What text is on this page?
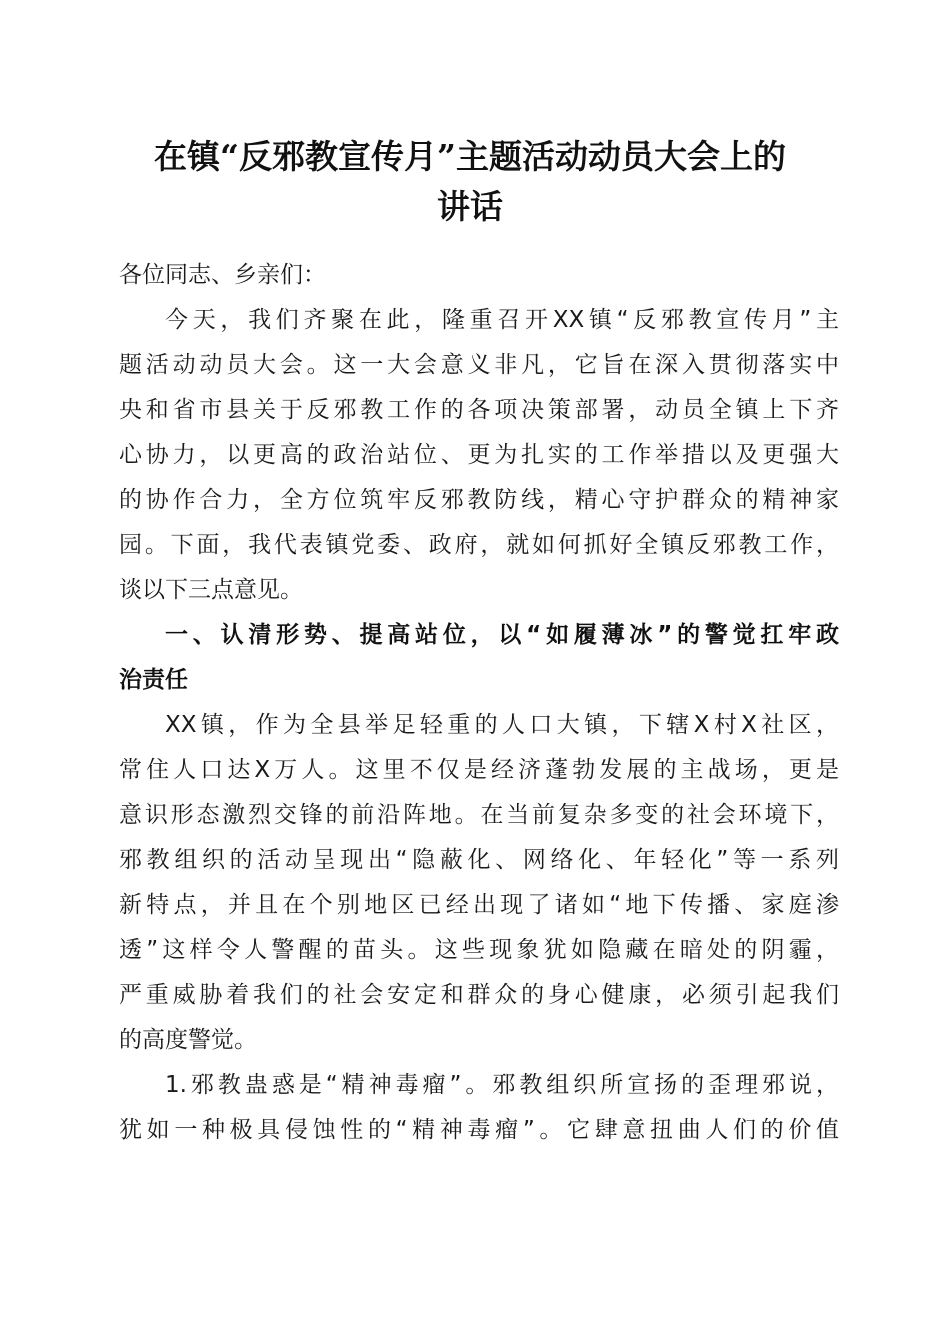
在镇“反邪教宣传月”主题活动动员大会上的
讲话
各位同志、乡亲们：
今天，我们齐聚在此，隆重召开XX镇“反邪教宣传月”主
题活动动员大会。这一大会意义非凡，它旨在深入贯彻落实中
央和省市县关于反邪教工作的各项决策部署，动员全镇上下齐
心协力，以更高的政治站位、更为扎实的工作举措以及更强大
的协作合力，全方位筑牢反邪教防线，精心守护群众的精神家
园。下面，我代表镇党委、政府，就如何抓好全镇反邪教工作，
谈以下三点意见。
一、认清形势、提高站位，以“如履薄冰”的警觉扛牢政
治责任
XX镇，作为全县举足轻重的人口大镇，下辖X村X社区，
常住人口达X万人。这里不仅是经济蓬勃发展的主战场，更是
意识形态激烈交锋的前沿阵地。在当前复杂多变的社会环境下，
邪教组织的活动呈现出“隐蔽化、网络化、年轻化”等一系列
新特点，并且在个别地区已经出现了诸如“地下传播、家庭渗
透”这样令人警醒的苗头。这些现象犹如隐藏在暗处的阴霾，
严重威胁着我们的社会安定和群众的身心健康，必须引起我们
的高度警觉。
1.邪教蛊惑是“精神毒瘤”。邪教组织所宣扬的歪理邪说，
犹如一种极具侵蚀性的“精神毒瘤”。它肆意扭曲人们的价值
